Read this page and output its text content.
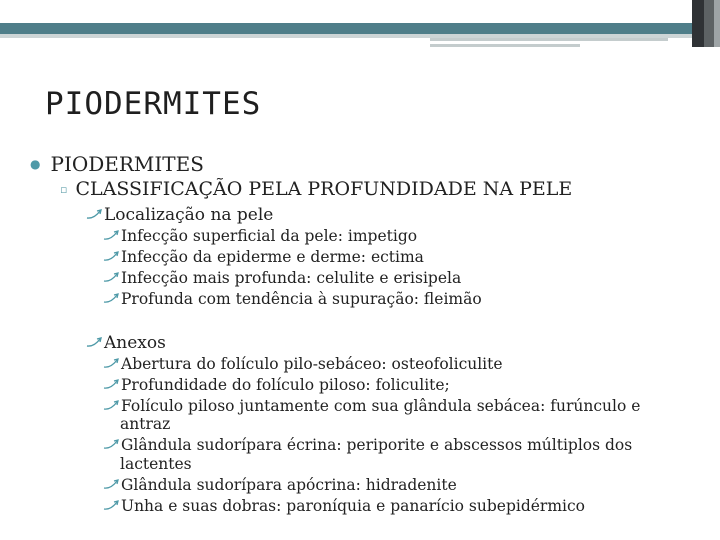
PIODERMITES
● PIODERMITES
▫ CLASSIFICAÇÃO PELA PROFUNDIDADE NA PELE
Localização na pele
Infecção superficial da pele: impetigo
Infecção da epiderme e derme: ectima
Infecção mais profunda: celulite e erisipela
Profunda com tendência à supuração: fleimão
Anexos
Abertura do folículo pilo-sebáceo: osteofoliculite
Profundidade do folículo piloso: foliculite;
Folículo piloso juntamente com sua glândula sebácea: furúnculo e
antraz
Glândula sudorípara écrina: periporite e abscessos múltiplos dos
lactentes
Glândula sudorípara apócrina: hidradenite
Unha e suas dobras: paroníquia e panarício subepidérmico
